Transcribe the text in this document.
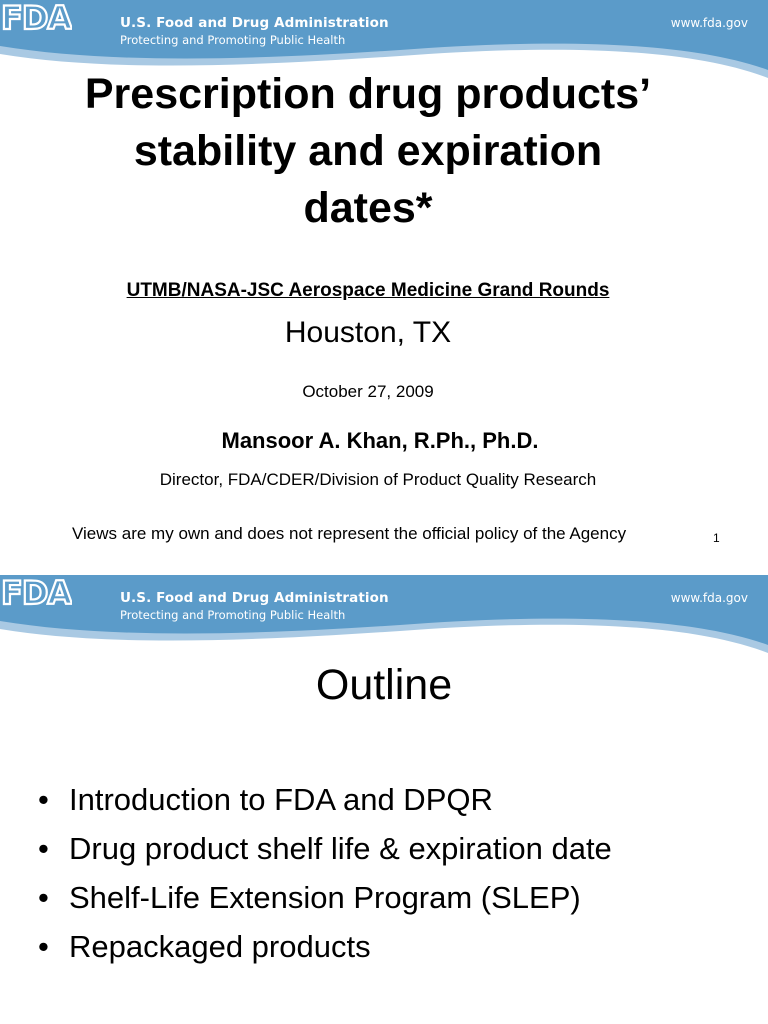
FDA	U.S. Food and Drug Administration
Protecting and Promoting Public Health
www.fda.gov
Prescription drug products’
stability and expiration
dates*
UTMB/NASA-JSC Aerospace Medicine Grand Rounds
Houston, TX
October 27, 2009
Mansoor A. Khan, R.Ph., Ph.D.
Director, FDA/CDER/Division of Product Quality Research
Views are my own and does not represent the official policy of the Agency	1
FDA	U.S. Food and Drug Administration
Protecting and Promoting Public Health
www.fda.gov
Outline
• Introduction to FDA and DPQR
• Drug product shelf life & expiration date
• Shelf-Life Extension Program (SLEP)
• Repackaged products
